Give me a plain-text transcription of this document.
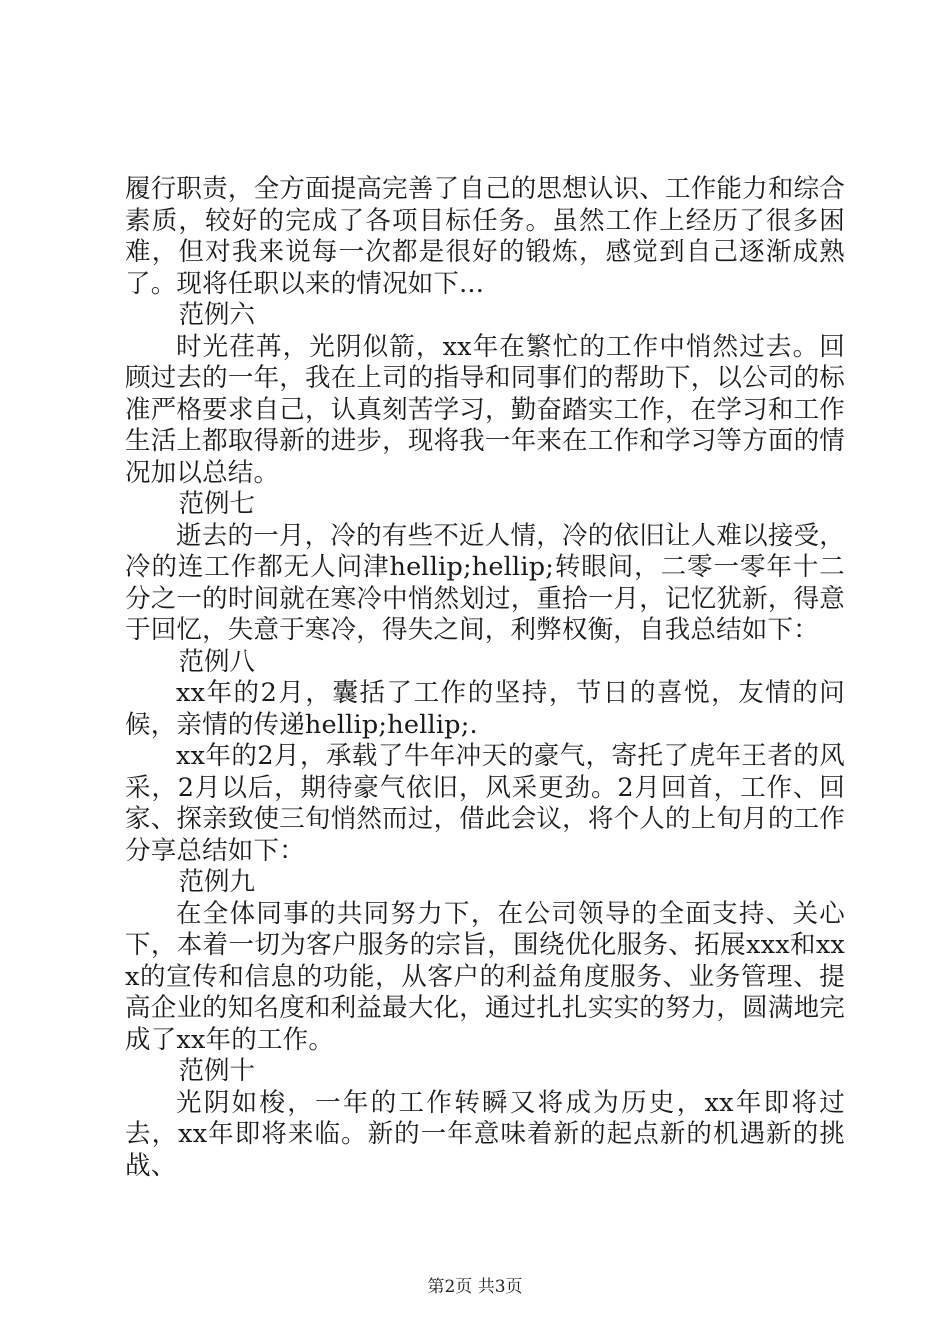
履行职责，全方面提高完善了自己的思想认识、工作能力和综合素质，较好的完成了各项目标任务。虽然工作上经历了很多困难，但对我来说每一次都是很好的锻炼，感觉到自己逐渐成熟了。现将任职以来的情况如下...

范例六

时光荏苒，光阴似箭，xx年在繁忙的工作中悄然过去。回顾过去的一年，我在上司的指导和同事们的帮助下，以公司的标准严格要求自己，认真刻苦学习，勤奋踏实工作，在学习和工作生活上都取得新的进步，现将我一年来在工作和学习等方面的情况加以总结。

范例七

逝去的一月，冷的有些不近人情，冷的依旧让人难以接受，冷的连工作都无人问津hellip;hellip;转眼间，二零一零年十二分之一的时间就在寒冷中悄然划过，重拾一月，记忆犹新，得意于回忆，失意于寒冷，得失之间，利弊权衡，自我总结如下：

范例八

xx年的2月，囊括了工作的坚持，节日的喜悦，友情的问候，亲情的传递hellip;hellip;.

xx年的2月，承载了牛年冲天的豪气，寄托了虎年王者的风采，2月以后，期待豪气依旧，风采更劲。2月回首，工作、回家、探亲致使三旬悄然而过，借此会议，将个人的上旬月的工作分享总结如下：

范例九

在全体同事的共同努力下，在公司领导的全面支持、关心下，本着一切为客户服务的宗旨，围绕优化服务、拓展xxx和xxx的宣传和信息的功能，从客户的利益角度服务、业务管理、提高企业的知名度和利益最大化，通过扎扎实实的努力，圆满地完成了xx年的工作。

范例十

光阴如梭，一年的工作转瞬又将成为历史，xx年即将过去，xx年即将来临。新的一年意味着新的起点新的机遇新的挑战、

第2页 共3页
